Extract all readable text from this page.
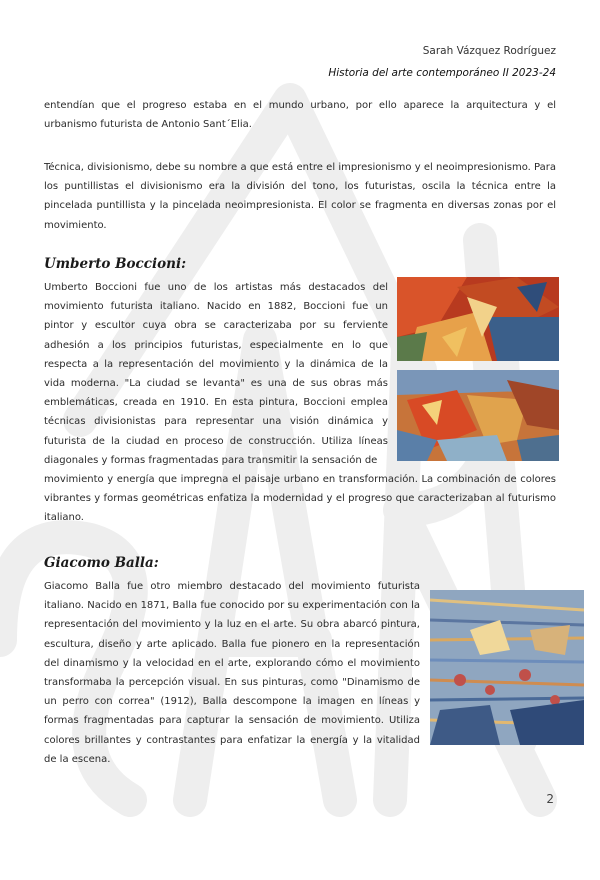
Sarah Vázquez Rodríguez
Historia del arte contemporáneo II 2023-24
entendían que el progreso estaba en el mundo urbano, por ello aparece la arquitectura y el urbanismo futurista de Antonio Sant´Elia.
Técnica, divisionismo, debe su nombre a que está entre el impresionismo y el neoimpresionismo. Para los puntillistas el divisionismo era la división del tono, los futuristas, oscila la técnica entre la pincelada puntillista y la pincelada neoimpresionista. El color se fragmenta en diversas zonas por el movimiento.
Umberto Boccioni:
Umberto Boccioni fue uno de los artistas más destacados del movimiento futurista italiano. Nacido en 1882, Boccioni fue un pintor y escultor cuya obra se caracterizaba por su ferviente adhesión a los principios futuristas, especialmente en lo que respecta a la representación del movimiento y la dinámica de la vida moderna. "La ciudad se levanta" es una de sus obras más emblemáticas, creada en 1910. En esta pintura, Boccioni emplea técnicas divisionistas para representar una visión dinámica y futurista de la ciudad en proceso de construcción. Utiliza líneas diagonales y formas fragmentadas para transmitir la sensación de
movimiento y energía que impregna el paisaje urbano en transformación. La combinación de colores vibrantes y formas geométricas enfatiza la modernidad y el progreso que caracterizaban al futurismo italiano.
Giacomo Balla:
Giacomo Balla fue otro miembro destacado del movimiento futurista italiano. Nacido en 1871, Balla fue conocido por su experimentación con la representación del movimiento y la luz en el arte. Su obra abarcó pintura, escultura, diseño y arte aplicado. Balla fue pionero en la representación del dinamismo y la velocidad en el arte, explorando cómo el movimiento transformaba la percepción visual. En sus pinturas, como "Dinamismo de un perro con correa" (1912), Balla descompone la imagen en líneas y formas fragmentadas para capturar la sensación de movimiento. Utiliza colores brillantes y contrastantes para enfatizar la energía y la vitalidad de la escena.
2
